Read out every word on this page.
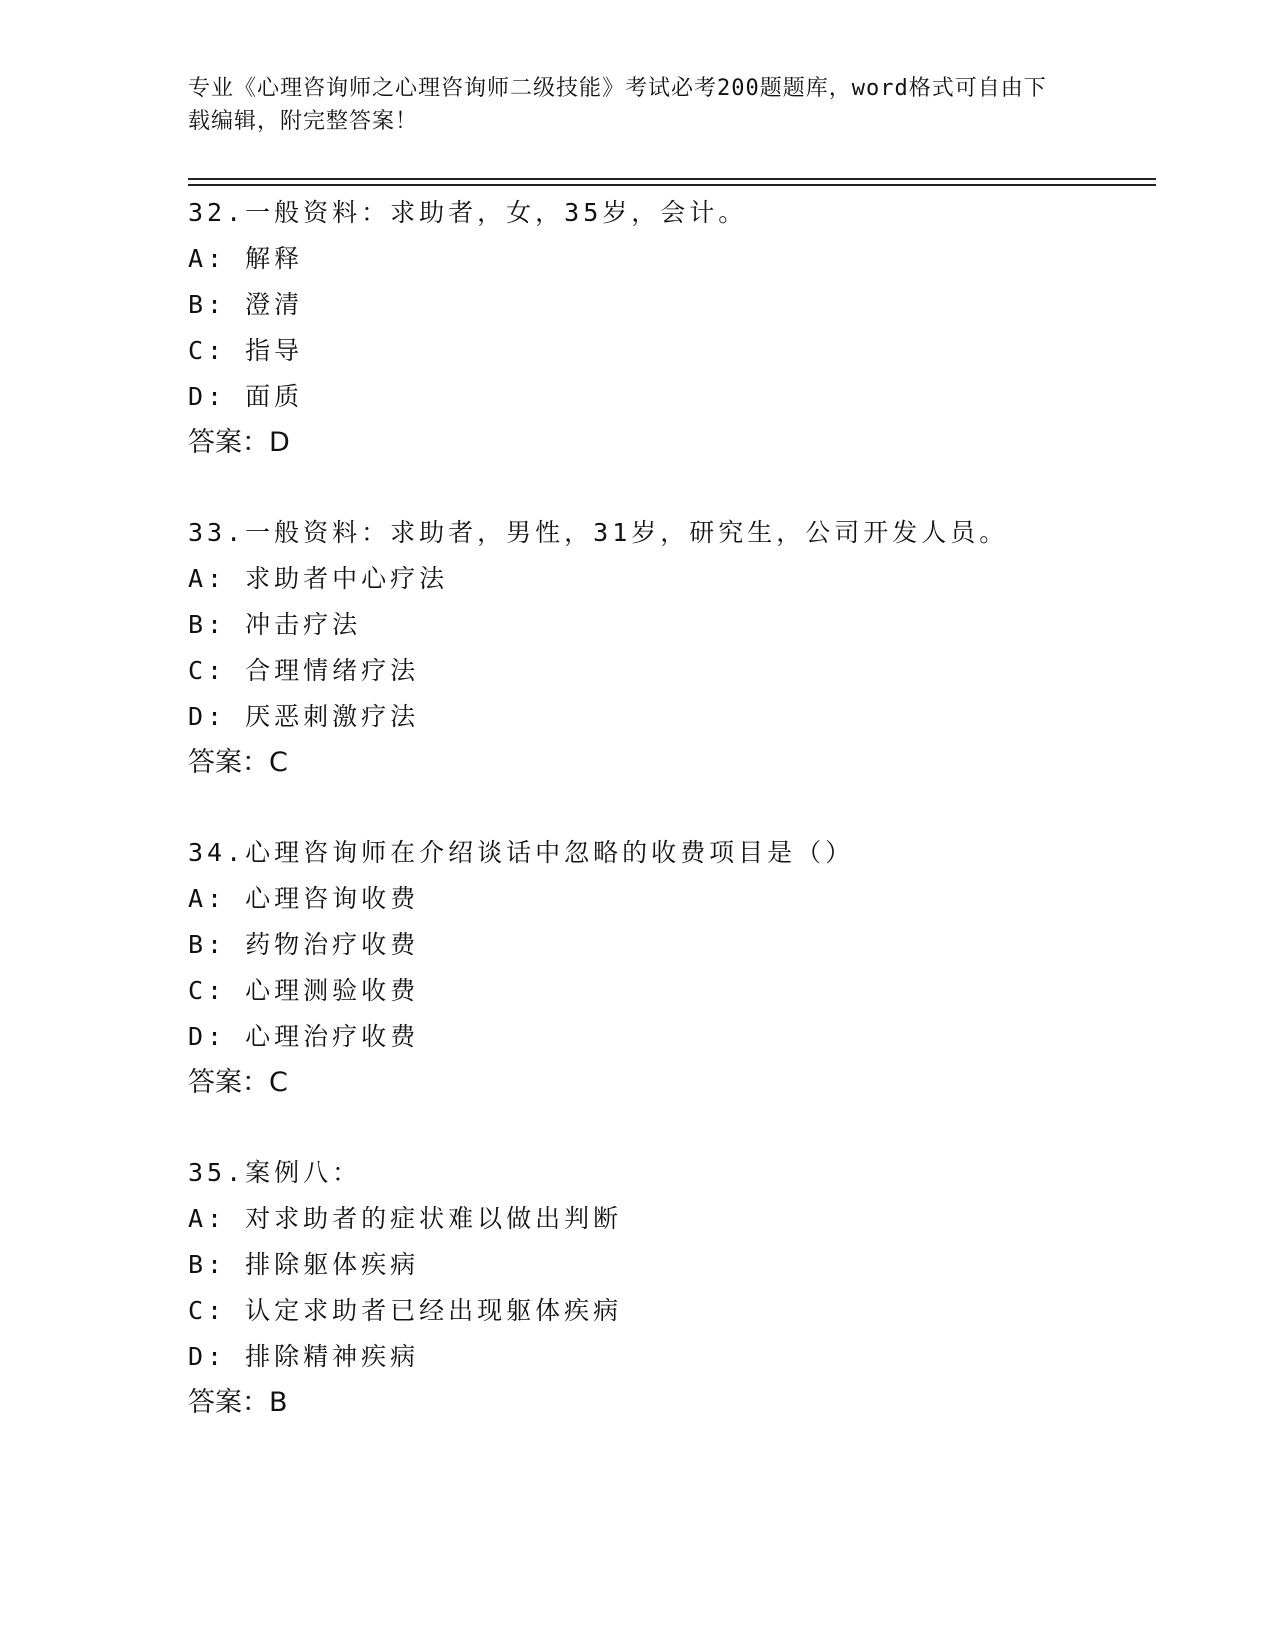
专业《心理咨询师之心理咨询师二级技能》考试必考200题题库，word格式可自由下载编辑，附完整答案！
32.一般资料：求助者，女，35岁，会计。
A: 解释
B: 澄清
C: 指导
D: 面质
答案：D
33.一般资料：求助者，男性，31岁，研究生，公司开发人员。
A: 求助者中心疗法
B: 冲击疗法
C: 合理情绪疗法
D: 厌恶刺激疗法
答案：C
34.心理咨询师在介绍谈话中忽略的收费项目是（）
A: 心理咨询收费
B: 药物治疗收费
C: 心理测验收费
D: 心理治疗收费
答案：C
35.案例八：
A: 对求助者的症状难以做出判断
B: 排除躯体疾病
C: 认定求助者已经出现躯体疾病
D: 排除精神疾病
答案：B
